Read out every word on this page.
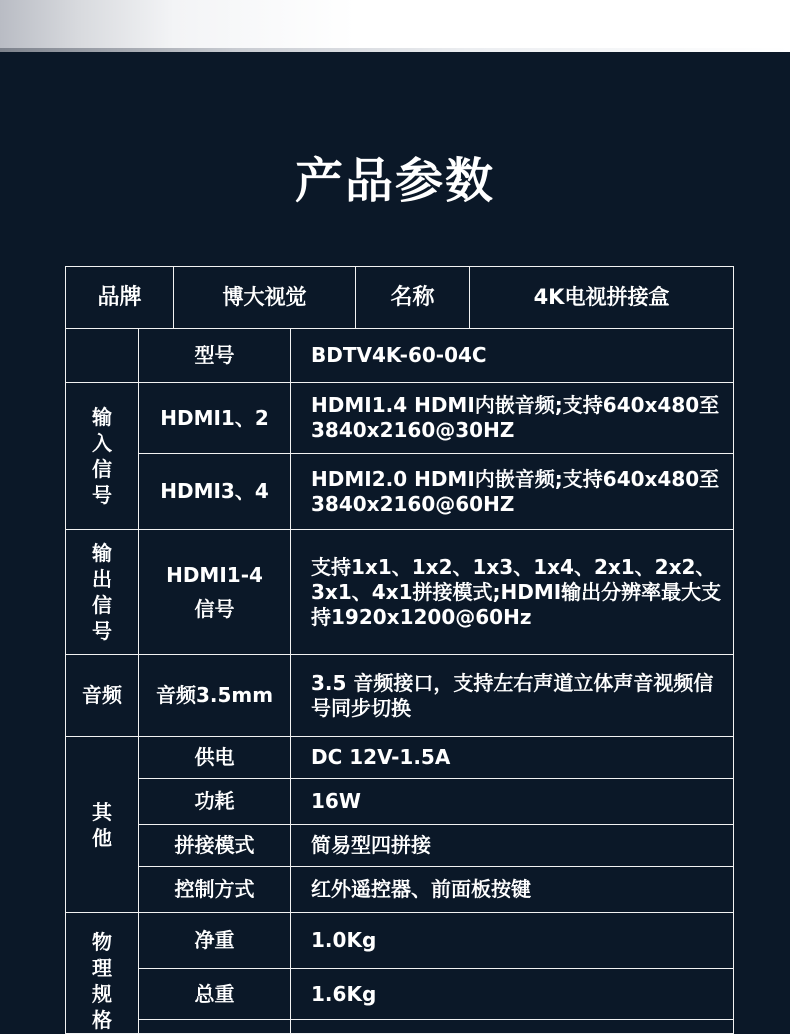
产品参数
品牌		博大视觉		名称	4K电视拼接盒
	型号		BDTV4K-60-04C		
输入信号	HDMI1、2		HDMI1.4 HDMI内嵌音频;支持640x480至3840x2160@30HZ		
	HDMI3、4		HDMI2.0 HDMI内嵌音频;支持640x480至3840x2160@60HZ		
输出信号	HDMI1-4信号		支持1x1、1x2、1x3、1x4、2x1、2x2、3x1、4x1拼接模式;HDMI输出分辨率最大支持1920x1200@60Hz		
音频	音频3.5mm		3.5 音频接口，支持左右声道立体声音视频信号同步切换		
其他	供电		DC 12V-1.5A		
	功耗		16W		
	拼接模式		简易型四拼接		
	控制方式		红外遥控器、前面板按键		
物理规格	净重		1.0Kg		
	总重		1.6Kg		
